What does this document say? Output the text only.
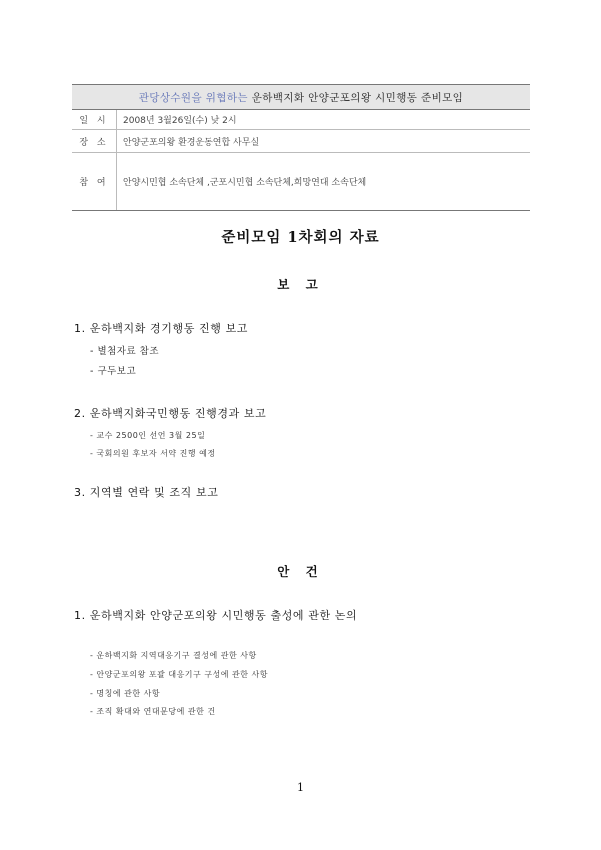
관당상수원을 위협하는 운하백지화 안양군포의왕 시민행동 준비모임	
일 시	2008년 3월26일(수) 낮 2시
장 소	안양군포의왕 환경운동연합 사무실
참 여	안양시민협 소속단체 ,군포시민협 소속단체,희망연대 소속단체
준비모임 1차회의 자료
보 고
1. 운하백지화 경기행동 진행 보고
- 별첨자료 참조
- 구두보고
2. 운하백지화국민행동 진행경과 보고
- 교수 2500인 선언 3월 25일
- 국회의원 후보자 서약 진행 예정
3. 지역별 연락 및 조직 보고
안 건
1. 운하백지화 안양군포의왕 시민행동 출성에 관한 논의
- 운하백지화 지역대응기구 결성에 관한 사항
- 안양군포의왕 포괄 대응기구 구성에 관한 사항
- 명칭에 관한 사항
- 조직 확대와 연대문당에 관한 건
1
